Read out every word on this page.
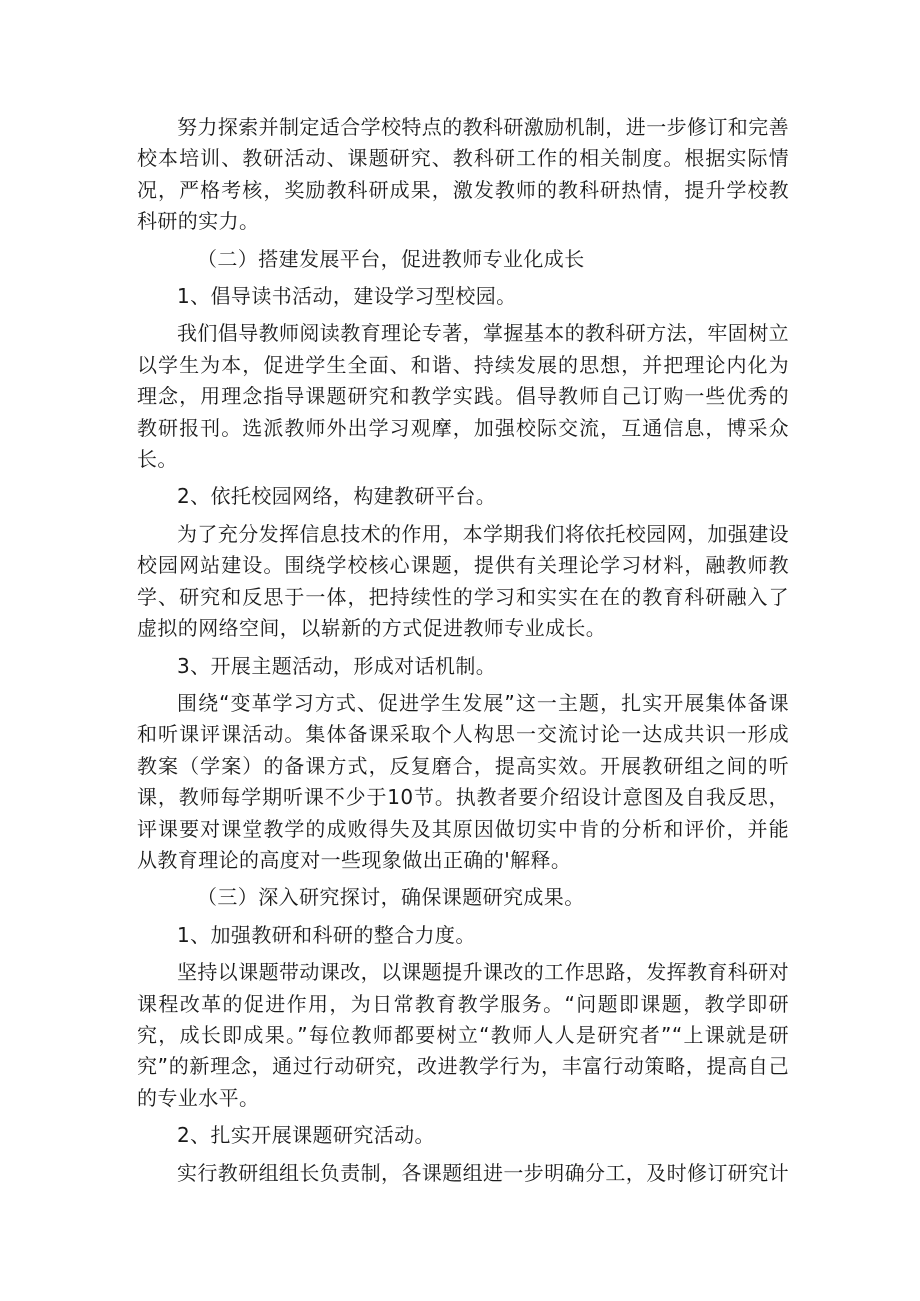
努力探索并制定适合学校特点的教科研激励机制，进一步修订和完善校本培训、教研活动、课题研究、教科研工作的相关制度。根据实际情况，严格考核，奖励教科研成果，激发教师的教科研热情，提升学校教科研的实力。

（二）搭建发展平台，促进教师专业化成长

1、倡导读书活动，建设学习型校园。

我们倡导教师阅读教育理论专著，掌握基本的教科研方法，牢固树立以学生为本，促进学生全面、和谐、持续发展的思想，并把理论内化为理念，用理念指导课题研究和教学实践。倡导教师自己订购一些优秀的教研报刊。选派教师外出学习观摩，加强校际交流，互通信息，博采众长。

2、依托校园网络，构建教研平台。

为了充分发挥信息技术的作用，本学期我们将依托校园网，加强建设校园网站建设。围绕学校核心课题，提供有关理论学习材料，融教师教学、研究和反思于一体，把持续性的学习和实实在在的教育科研融入了虚拟的网络空间，以崭新的方式促进教师专业成长。

3、开展主题活动，形成对话机制。

围绕“变革学习方式、促进学生发展”这一主题，扎实开展集体备课和听课评课活动。集体备课采取个人构思一交流讨论一达成共识一形成教案（学案）的备课方式，反复磨合，提高实效。开展教研组之间的听课，教师每学期听课不少于10节。执教者要介绍设计意图及自我反思，评课要对课堂教学的成败得失及其原因做切实中肯的分析和评价，并能从教育理论的高度对一些现象做出正确的'解释。

（三）深入研究探讨，确保课题研究成果。

1、加强教研和科研的整合力度。

坚持以课题带动课改，以课题提升课改的工作思路，发挥教育科研对课程改革的促进作用，为日常教育教学服务。“问题即课题，教学即研究，成长即成果。”每位教师都要树立“教师人人是研究者”“上课就是研究”的新理念，通过行动研究，改进教学行为，丰富行动策略，提高自己的专业水平。

2、扎实开展课题研究活动。

实行教研组组长负责制，各课题组进一步明确分工，及时修订研究计
